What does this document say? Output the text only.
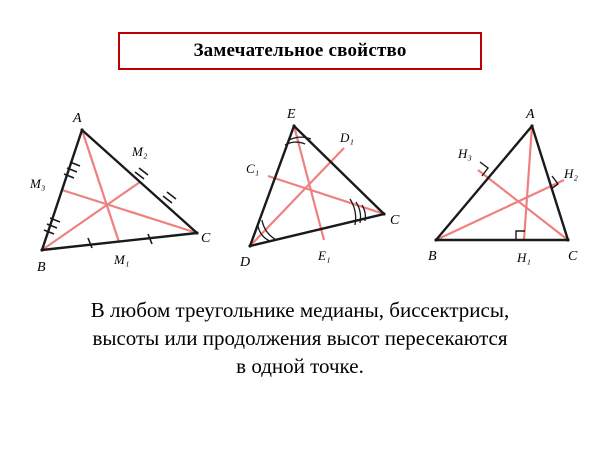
Замечательное свойство
A
B
C
M₁
M₂
M₃
E
D
C
D₁
E₁
C₁
A
B	C
H₁
H₂
H₃
В любом треугольнике медианы, биссектрисы,
высоты или продолжения высот пересекаются
в одной точке.
